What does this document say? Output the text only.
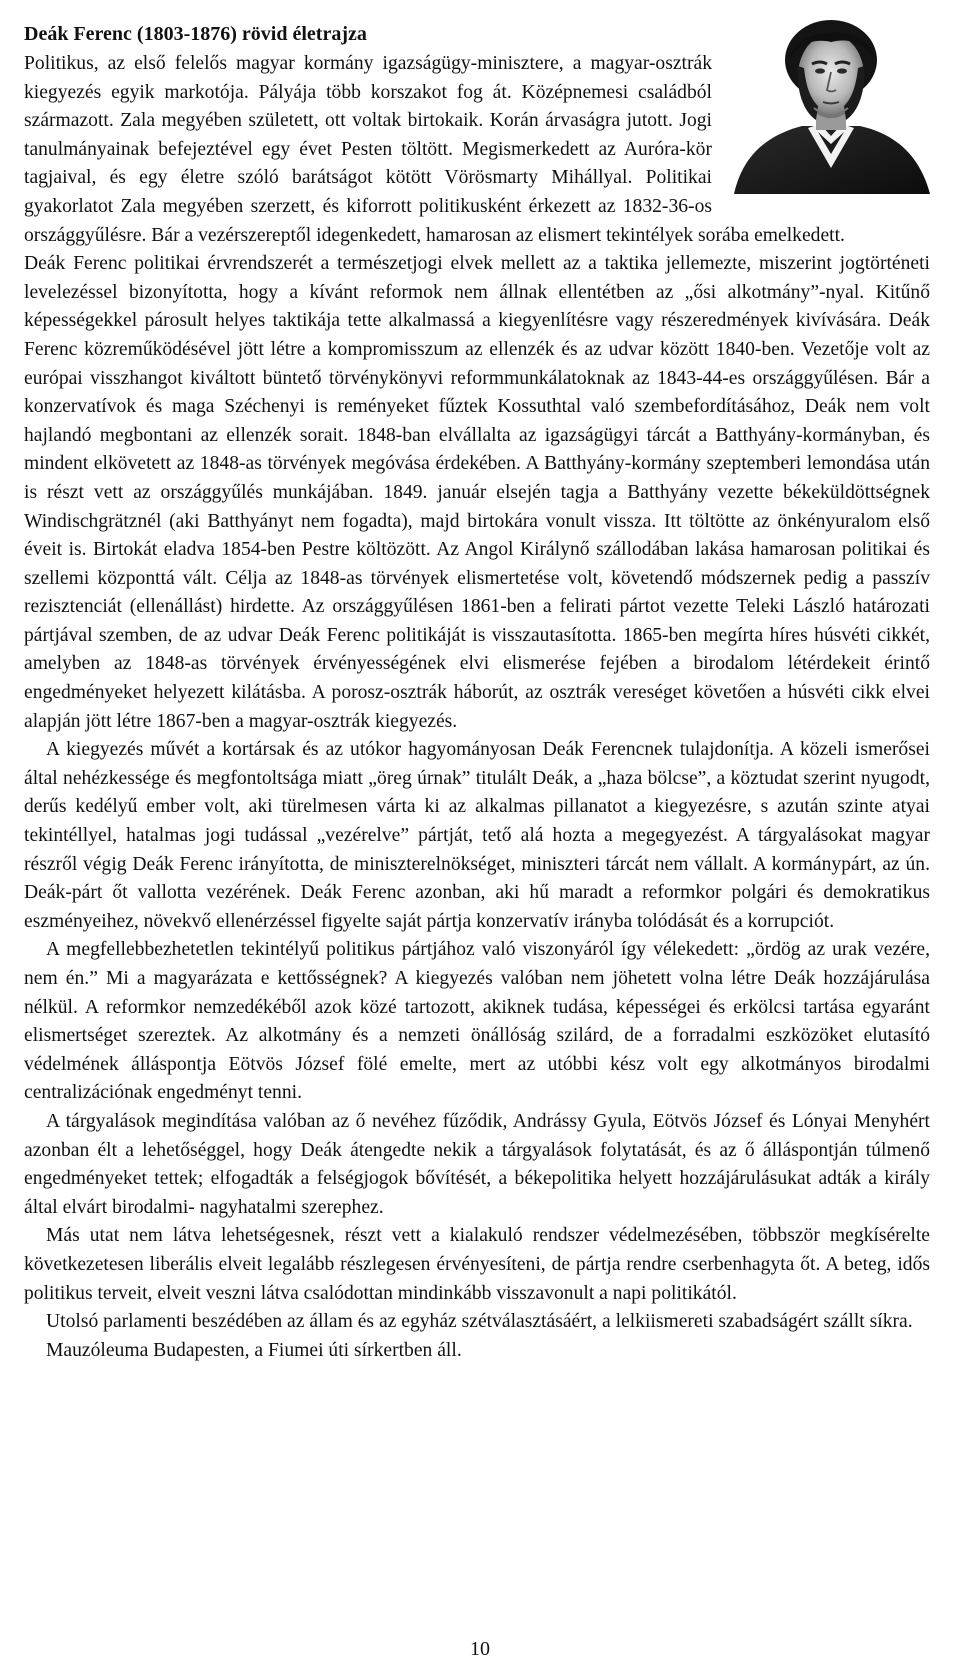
Deák Ferenc (1803-1876) rövid életrajza

Politikus, az első felelős magyar kormány igazságügy-minisztere, a magyar-osztrák kiegyezés egyik markotója. Pályája több korszakot fog át. Középnemesi családból származott. Zala megyében született, ott voltak birtokaik. Korán árvaságra jutott. Jogi tanulmányainak befejeztével egy évet Pesten töltött. Megismerkedett az Auróra-kör tagjaival, és egy életre szóló barátságot kötött Vörösmarty Mihállyal. Politikai gyakorlatot Zala megyében szerzett, és kiforrott politikusként érkezett az 1832-36-os országgyűlésre. Bár a vezérszereptől idegenkedett, hamarosan az elismert tekintélyek sorába emelkedett.

Deák Ferenc politikai érvrendszerét a természetjogi elvek mellett az a taktika jellemezte, miszerint jogtörténeti levelezéssel bizonyította, hogy a kívánt reformok nem állnak ellentétben az „ősi alkotmány”-nyal. Kitűnő képességekkel párosult helyes taktikája tette alkalmassá a kiegyenlítésre vagy részeredmények kivívására. Deák Ferenc közreműködésével jött létre a kompromisszum az ellenzék és az udvar között 1840-ben. Vezetője volt az európai visszhangot kiváltott büntető törvénykönyvi reformmunkálatoknak az 1843-44-es országgyűlésen. Bár a konzervatívok és maga Széchenyi is reményeket fűztek Kossuthtal való szembefordításához, Deák nem volt hajlandó megbontani az ellenzék sorait. 1848-ban elvállalta az igazságügyi tárcát a Batthyány-kormányban, és mindent elkövetett az 1848-as törvények megóvása érdekében. A Batthyány-kormány szeptemberi lemondása után is részt vett az országgyűlés munkájában. 1849. január elsején tagja a Batthyány vezette békeküldöttségnek Windischgrätznél (aki Batthyányt nem fogadta), majd birtokára vonult vissza. Itt töltötte az önkényuralom első éveit is. Birtokát eladva 1854-ben Pestre költözött. Az Angol Királynő szállodában lakása hamarosan politikai és szellemi központtá vált. Célja az 1848-as törvények elismertetése volt, követendő módszernek pedig a passzív rezisztenciát (ellenállást) hirdette. Az országgyűlésen 1861-ben a felirati pártot vezette Teleki László határozati pártjával szemben, de az udvar Deák Ferenc politikáját is visszautasította. 1865-ben megírta híres húsvéti cikkét, amelyben az 1848-as törvények érvényességének elvi elismerése fejében a birodalom létérdekeit érintő engedményeket helyezett kilátásba. A porosz-osztrák háborút, az osztrák vereséget követően a húsvéti cikk elvei alapján jött létre 1867-ben a magyar-osztrák kiegyezés.

A kiegyezés művét a kortársak és az utókor hagyományosan Deák Ferencnek tulajdonítja. A közeli ismerősei által nehézkessége és megfontoltsága miatt „öreg úrnak” titulált Deák, a „haza bölcse”, a köztudat szerint nyugodt, derűs kedélyű ember volt, aki türelmesen várta ki az alkalmas pillanatot a kiegyezésre, s azután szinte atyai tekintéllyel, hatalmas jogi tudással „vezérelve” pártját, tető alá hozta a megegyezést. A tárgyalásokat magyar részről végig Deák Ferenc irányította, de miniszterelnökséget, miniszteri tárcát nem vállalt. A kormánypárt, az ún. Deák-párt őt vallotta vezérének. Deák Ferenc azonban, aki hű maradt a reformkor polgári és demokratikus eszményeihez, növekvő ellenérzéssel figyelte saját pártja konzervatív irányba tolódását és a korrupciót.

A megfellebbezhetetlen tekintélyű politikus pártjához való viszonyáról így vélekedett: „ördög az urak vezére, nem én.” Mi a magyarázata e kettősségnek? A kiegyezés valóban nem jöhetett volna létre Deák hozzájárulása nélkül. A reformkor nemzedékéből azok közé tartozott, akiknek tudása, képességei és erkölcsi tartása egyaránt elismertséget szereztek. Az alkotmány és a nemzeti önállóság szilárd, de a forradalmi eszközöket elutasító védelmének álláspontja Eötvös József fölé emelte, mert az utóbbi kész volt egy alkotmányos birodalmi centralizációnak engedményt tenni.

A tárgyalások megindítása valóban az ő nevéhez fűződik, Andrássy Gyula, Eötvös József és Lónyai Menyhért azonban élt a lehetőséggel, hogy Deák átengedte nekik a tárgyalások folytatását, és az ő álláspontján túlmenő engedményeket tettek; elfogadták a felségjogok bővítését, a békepolitika helyett hozzájárulásukat adták a király által elvárt birodalmi- nagyhatalmi szerephez.

Más utat nem látva lehetségesnek, részt vett a kialakuló rendszer védelmezésében, többször megkísérelte következetesen liberális elveit legalább részlegesen érvényesíteni, de pártja rendre cserbenhagyta őt. A beteg, idős politikus terveit, elveit veszni látva csalódottan mindinkább visszavonult a napi politikától.

Utolsó parlamenti beszédében az állam és az egyház szétválasztásáért, a lelkiismereti szabadságért szállt síkra.

Mauzóleuma Budapesten, a Fiumei úti sírkertben áll.

10
